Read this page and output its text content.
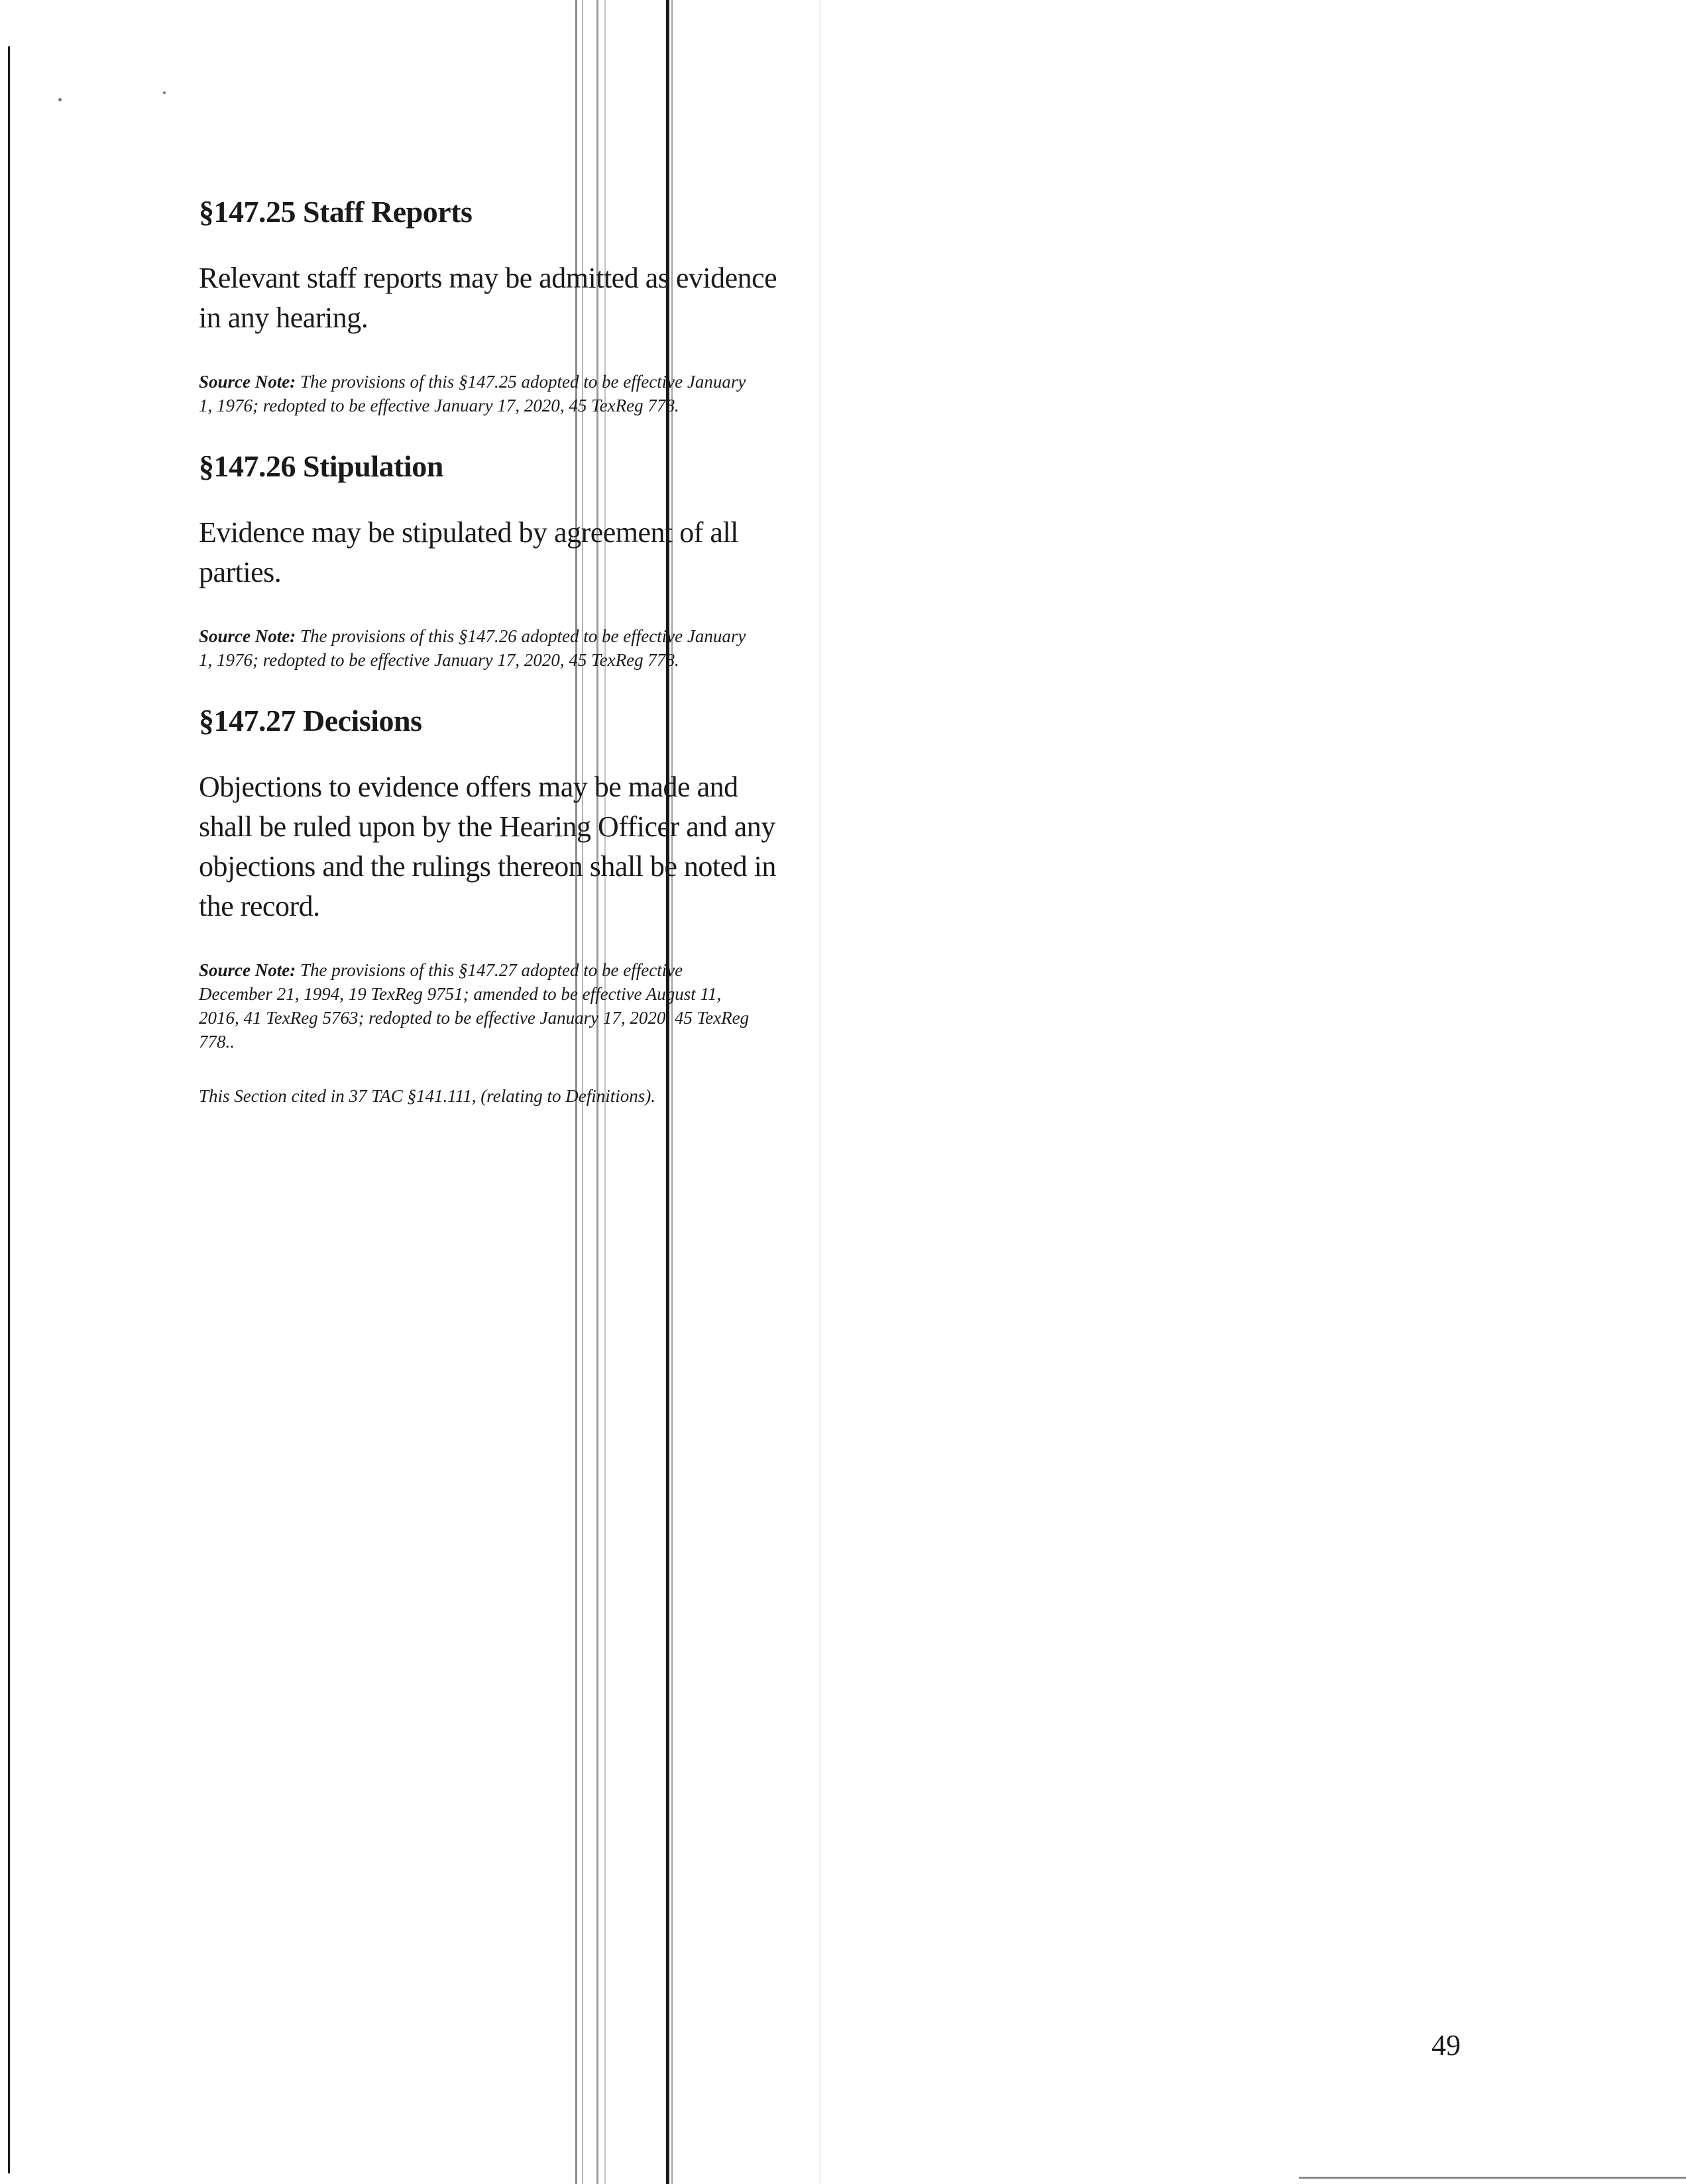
§147.25 Staff Reports

Relevant staff reports may be admitted as evidence in any hearing.

Source Note: The provisions of this §147.25 adopted to be effective January 1, 1976; redopted to be effective January 17, 2020, 45 TexReg 778.

§147.26 Stipulation

Evidence may be stipulated by agreement of all parties.

Source Note: The provisions of this §147.26 adopted to be effective January 1, 1976; redopted to be effective January 17, 2020, 45 TexReg 778.

§147.27 Decisions

Objections to evidence offers may be made and shall be ruled upon by the Hearing Officer and any objections and the rulings thereon shall be noted in the record.

Source Note: The provisions of this §147.27 adopted to be effective December 21, 1994, 19 TexReg 9751; amended to be effective August 11, 2016, 41 TexReg 5763; redopted to be effective January 17, 2020, 45 TexReg 778..

This Section cited in 37 TAC §141.111, (relating to Definitions).

49
